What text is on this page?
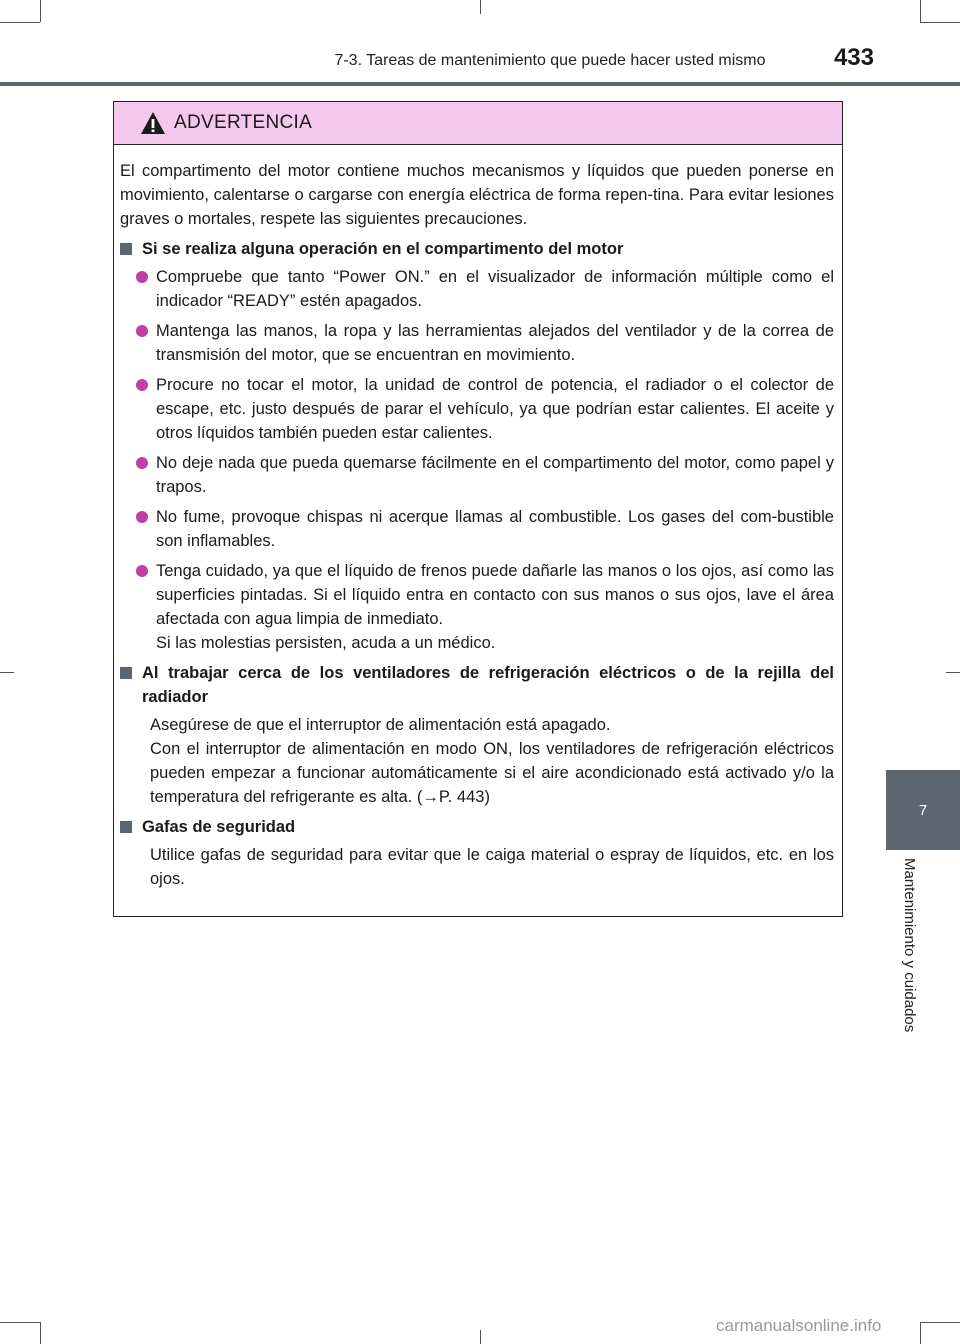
7-3. Tareas de mantenimiento que puede hacer usted mismo	433
7
Mantenimiento y cuidados
ADVERTENCIA

El compartimento del motor contiene muchos mecanismos y líquidos que pueden ponerse en movimiento, calentarse o cargarse con energía eléctrica de forma repen-tina. Para evitar lesiones graves o mortales, respete las siguientes precauciones.

Si se realiza alguna operación en el compartimento del motor
Compruebe que tanto “Power ON.” en el visualizador de información múltiple como el indicador “READY” estén apagados.
Mantenga las manos, la ropa y las herramientas alejados del ventilador y de la correa de transmisión del motor, que se encuentran en movimiento.
Procure no tocar el motor, la unidad de control de potencia, el radiador o el colector de escape, etc. justo después de parar el vehículo, ya que podrían estar calientes. El aceite y otros líquidos también pueden estar calientes.
No deje nada que pueda quemarse fácilmente en el compartimento del motor, como papel y trapos.
No fume, provoque chispas ni acerque llamas al combustible. Los gases del com-bustible son inflamables.
Tenga cuidado, ya que el líquido de frenos puede dañarle las manos o los ojos, así como las superficies pintadas. Si el líquido entra en contacto con sus manos o sus ojos, lave el área afectada con agua limpia de inmediato.
Si las molestias persisten, acuda a un médico.
Al trabajar cerca de los ventiladores de refrigeración eléctricos o de la rejilla del radiador

Asegúrese de que el interruptor de alimentación está apagado.

Con el interruptor de alimentación en modo ON, los ventiladores de refrigeración eléctricos pueden empezar a funcionar automáticamente si el aire acondicionado está activado y/o la temperatura del refrigerante es alta. (→P. 443)

Gafas de seguridad

Utilice gafas de seguridad para evitar que le caiga material o espray de líquidos, etc. en los ojos.

carmanualsonline.info
